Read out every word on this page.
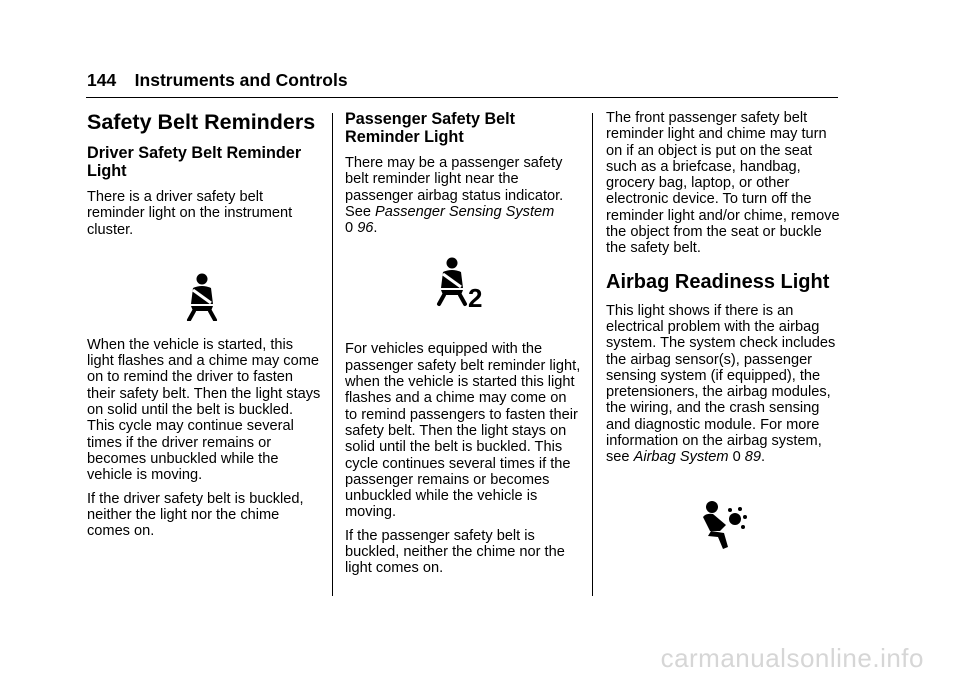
144 Instruments and Controls
Safety Belt Reminders
Driver Safety Belt Reminder Light

There is a driver safety belt reminder light on the instrument cluster.

When the vehicle is started, this light flashes and a chime may come on to remind the driver to fasten their safety belt. Then the light stays on solid until the belt is buckled. This cycle may continue several times if the driver remains or becomes unbuckled while the vehicle is moving.

If the driver safety belt is buckled, neither the light nor the chime comes on.

Passenger Safety Belt Reminder Light

There may be a passenger safety belt reminder light near the passenger airbag status indicator. See Passenger Sensing System
0 96.

2

For vehicles equipped with the passenger safety belt reminder light, when the vehicle is started this light flashes and a chime may come on to remind passengers to fasten their safety belt. Then the light stays on solid until the belt is buckled. This cycle continues several times if the passenger remains or becomes unbuckled while the vehicle is moving.

If the passenger safety belt is buckled, neither the chime nor the light comes on.

The front passenger safety belt reminder light and chime may turn on if an object is put on the seat such as a briefcase, handbag, grocery bag, laptop, or other electronic device. To turn off the reminder light and/or chime, remove the object from the seat or buckle the safety belt.

Airbag Readiness Light

This light shows if there is an electrical problem with the airbag system. The system check includes the airbag sensor(s), passenger sensing system (if equipped), the pretensioners, the airbag modules, the wiring, and the crash sensing and diagnostic module. For more information on the airbag system, see Airbag System 0 89.

carmanualsonline.info
